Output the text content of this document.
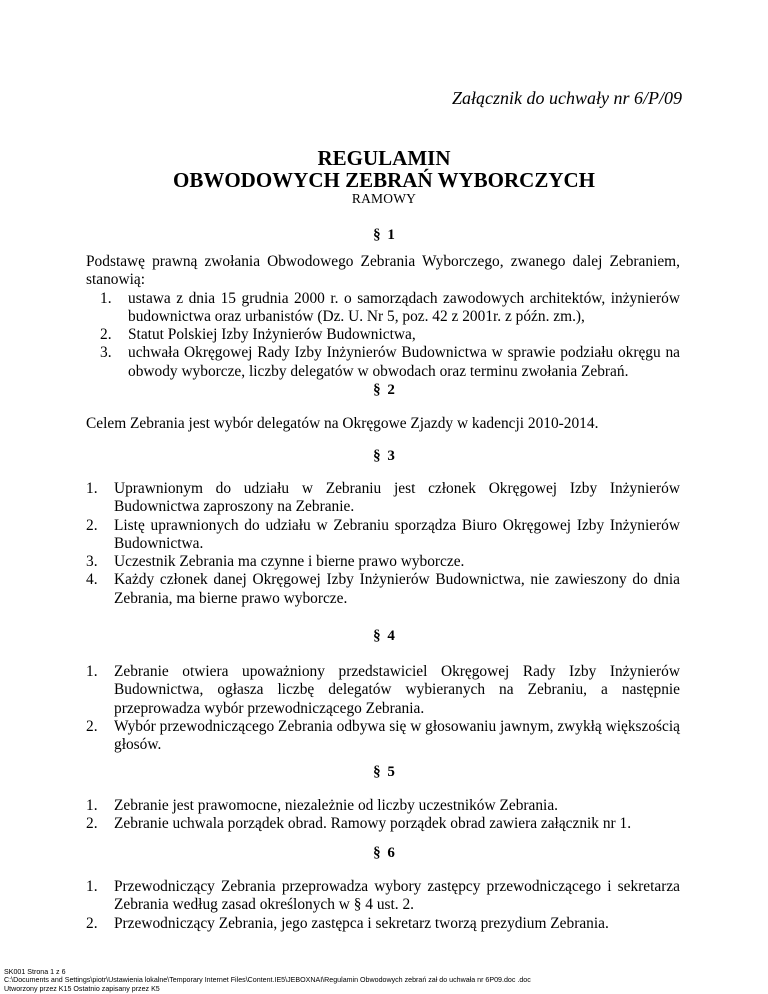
Załącznik do uchwały nr 6/P/09
REGULAMIN
OBWODOWYCH ZEBRAŃ WYBORCZYCH
RAMOWY
§ 1

Podstawę prawną zwołania Obwodowego Zebrania Wyborczego, zwanego dalej Zebraniem, stanowią:

1. ustawa z dnia 15 grudnia 2000 r. o samorządach zawodowych architektów, inżynierów budownictwa oraz urbanistów (Dz. U. Nr 5, poz. 42 z 2001r. z późn. zm.),
2. Statut Polskiej Izby Inżynierów Budownictwa,
3. uchwała Okręgowej Rady Izby Inżynierów Budownictwa w sprawie podziału okręgu na obwody wyborcze, liczby delegatów w obwodach oraz terminu zwołania Zebrań.
§ 2

Celem Zebrania jest wybór delegatów na Okręgowe Zjazdy w kadencji 2010-2014.

§ 3
1. Uprawnionym do udziału w Zebraniu jest członek Okręgowej Izby Inżynierów Budownictwa zaproszony na Zebranie.
2. Listę uprawnionych do udziału w Zebraniu sporządza Biuro Okręgowej Izby Inżynierów Budownictwa.
3. Uczestnik Zebrania ma czynne i bierne prawo wyborcze.
4. Każdy członek danej Okręgowej Izby Inżynierów Budownictwa, nie zawieszony do dnia Zebrania, ma bierne prawo wyborcze.
§ 4
1. Zebranie otwiera upoważniony przedstawiciel Okręgowej Rady Izby Inżynierów Budownictwa, ogłasza liczbę delegatów wybieranych na Zebraniu, a następnie przeprowadza wybór przewodniczącego Zebrania.
2. Wybór przewodniczącego Zebrania odbywa się w głosowaniu jawnym, zwykłą większością głosów.
§ 5
1. Zebranie jest prawomocne, niezależnie od liczby uczestników Zebrania.
2. Zebranie uchwala porządek obrad. Ramowy porządek obrad zawiera załącznik nr 1.
§ 6
1. Przewodniczący Zebrania przeprowadza wybory zastępcy przewodniczącego i sekretarza Zebrania według zasad określonych w § 4 ust. 2.
2. Przewodniczący Zebrania, jego zastępca i sekretarz tworzą prezydium Zebrania.
SK001 Strona 1 z 6
C:\Documents and Settings\piotr\Ustawienia lokalne\Temporary Internet Files\Content.IE5\JEBOXNAI\Regulamin Obwodowych zebrań zał do uchwała nr 6P09.doc .doc
Utworzony przez K15 Ostatnio zapisany przez K5
